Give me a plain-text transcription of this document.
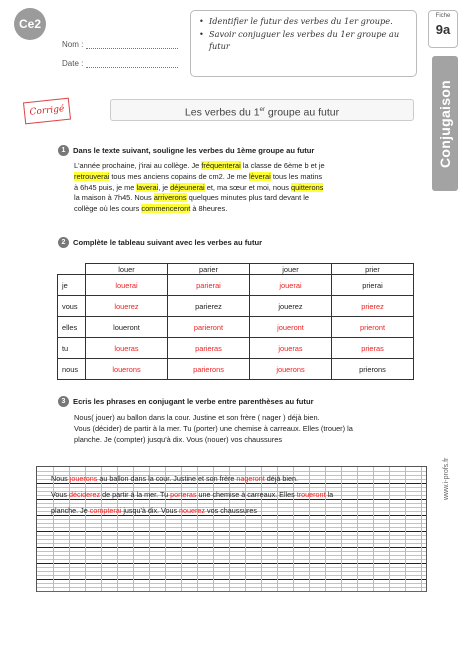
Ce2
Nom :
Date :
• Identifier le futur des verbes du 1er groupe.
• Savoir conjuguer les verbes du 1er groupe au futur
Fiche
9a
Conjugaison
Corrigé	Les verbes du 1er groupe au futur
1 Dans le texte suivant, souligne les verbes du 1ème groupe au futur
L'année prochaine, j'irai au collège. Je fréquenterai la classe de 6ème b et je
retrouverai tous mes anciens copains de cm2. Je me lèverai tous les matins
à 6h45 puis, je me laverai, je déjeunerai et, ma sœur et moi, nous quitterons
la maison à 7h45. Nous arriverons quelques minutes plus tard devant le
collège où les cours commenceront à 8heures.
2 Complète le tableau suivant avec les verbes au futur
	louer	parier	jouer	prier
je	louerai	parierai	jouerai	prierai
vous	louerez	parierez	jouerez	prierez
elles	loueront	parieront	joueront	prieront
tu	loueras	parieras	joueras	prieras
nous	louerons	parierons	jouerons	prierons
3 Ecris les phrases en conjugant le verbe entre parenthèses au futur
Nous( jouer) au ballon dans la cour. Justine et son frère ( nager ) déjà bien.
Vous (décider) de partir à la mer. Tu (porter) une chemise à carreaux. Elles (trouer) la
planche. Je (compter) jusqu'à dix. Vous (nouer) vos chaussures
Nous jouerons au ballon dans la cour. Justine et son frère nageront déjà bien.
Vous déciderez de partir à la mer. Tu porteras une chemise à carreaux. Elles troueront la
planche. Je compterai jusqu'à dix. Vous nouerez vos chaussures
www.i-profs.fr
